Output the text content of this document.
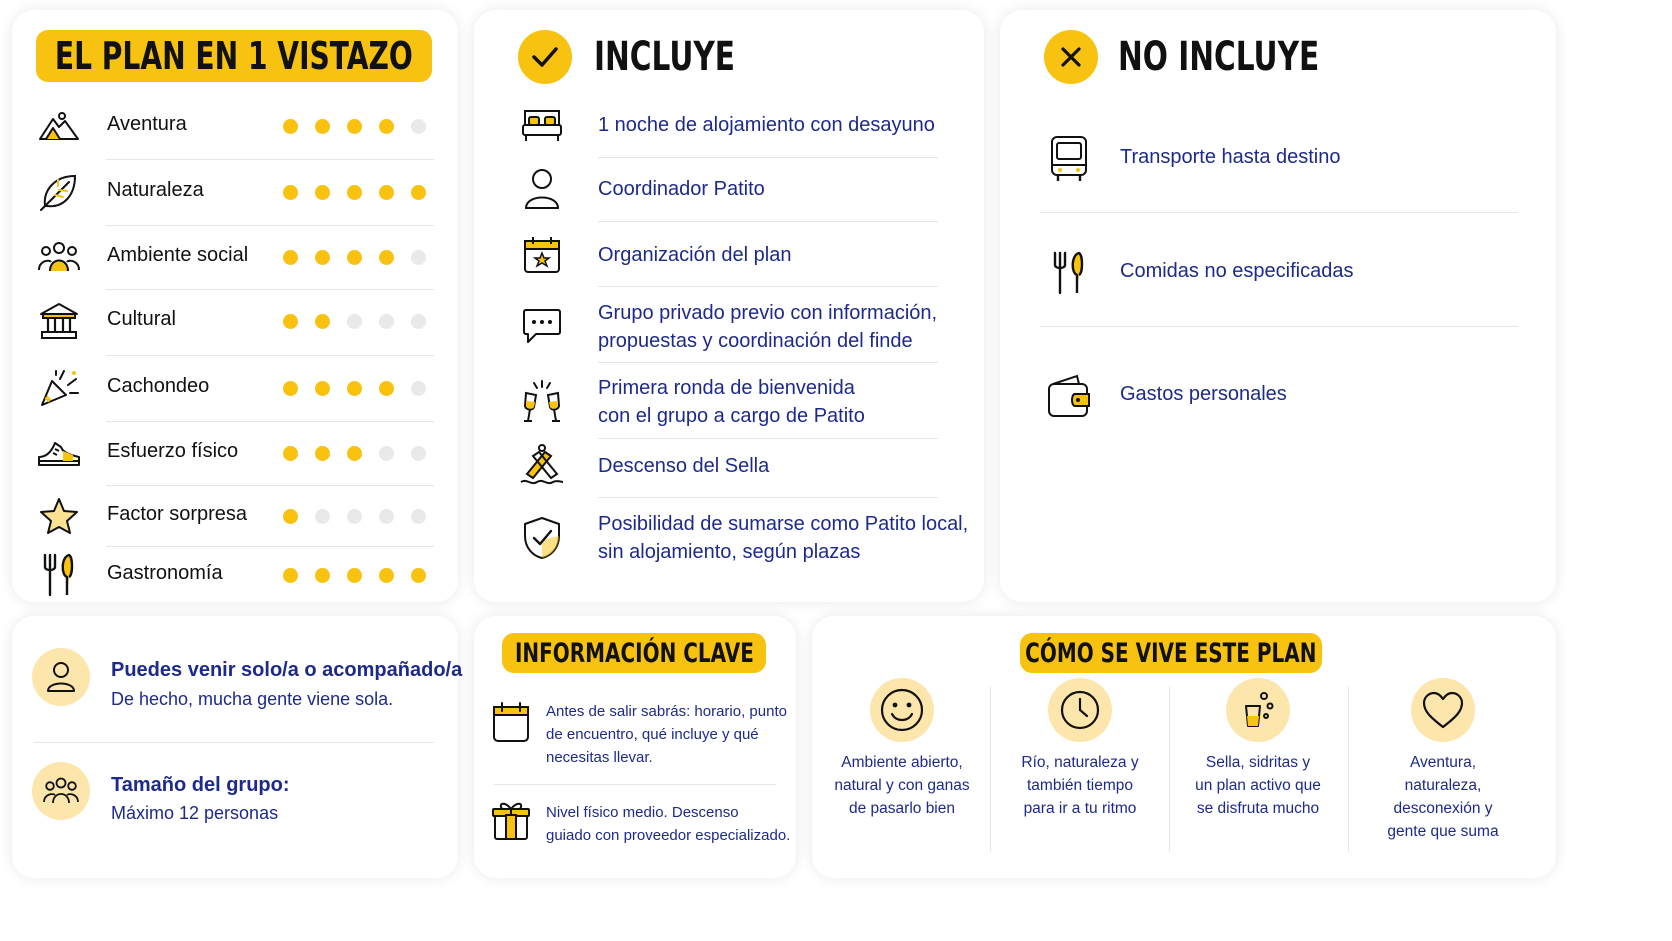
EL PLAN EN 1 VISTAZO	INCLUYE	NO INCLUYE
Puedes venir solo/a o acompañado/a
De hecho, mucha gente viene sola.
Tamaño del grupo:
Máximo 12 personas
INFORMACIÓN CLAVE
Antes de salir sabrás: horario, punto
de encuentro, qué incluye y qué
necesitas llevar.
Nivel físico medio. Descenso
guiado con proveedor especializado.
CÓMO SE VIVE ESTE PLAN
Aventura
Naturaleza
Ambiente social
Cultural
Cachondeo
Esfuerzo físico
Factor sorpresa
Gastronomía
1 noche de alojamiento con desayuno
Coordinador Patito
Organización del plan
Grupo privado previo con información,
propuestas y coordinación del finde
Primera ronda de bienvenida
con el grupo a cargo de Patito
Descenso del Sella
Posibilidad de sumarse como Patito local,
sin alojamiento, según plazas
Transporte hasta destino
Comidas no especificadas
Gastos personales
Ambiente abierto,
natural y con ganas
de pasarlo bien
Río, naturaleza y
también tiempo
para ir a tu ritmo
Sella, sidritas y
un plan activo que
se disfruta mucho
Aventura,
naturaleza,
desconexión y
gente que suma
